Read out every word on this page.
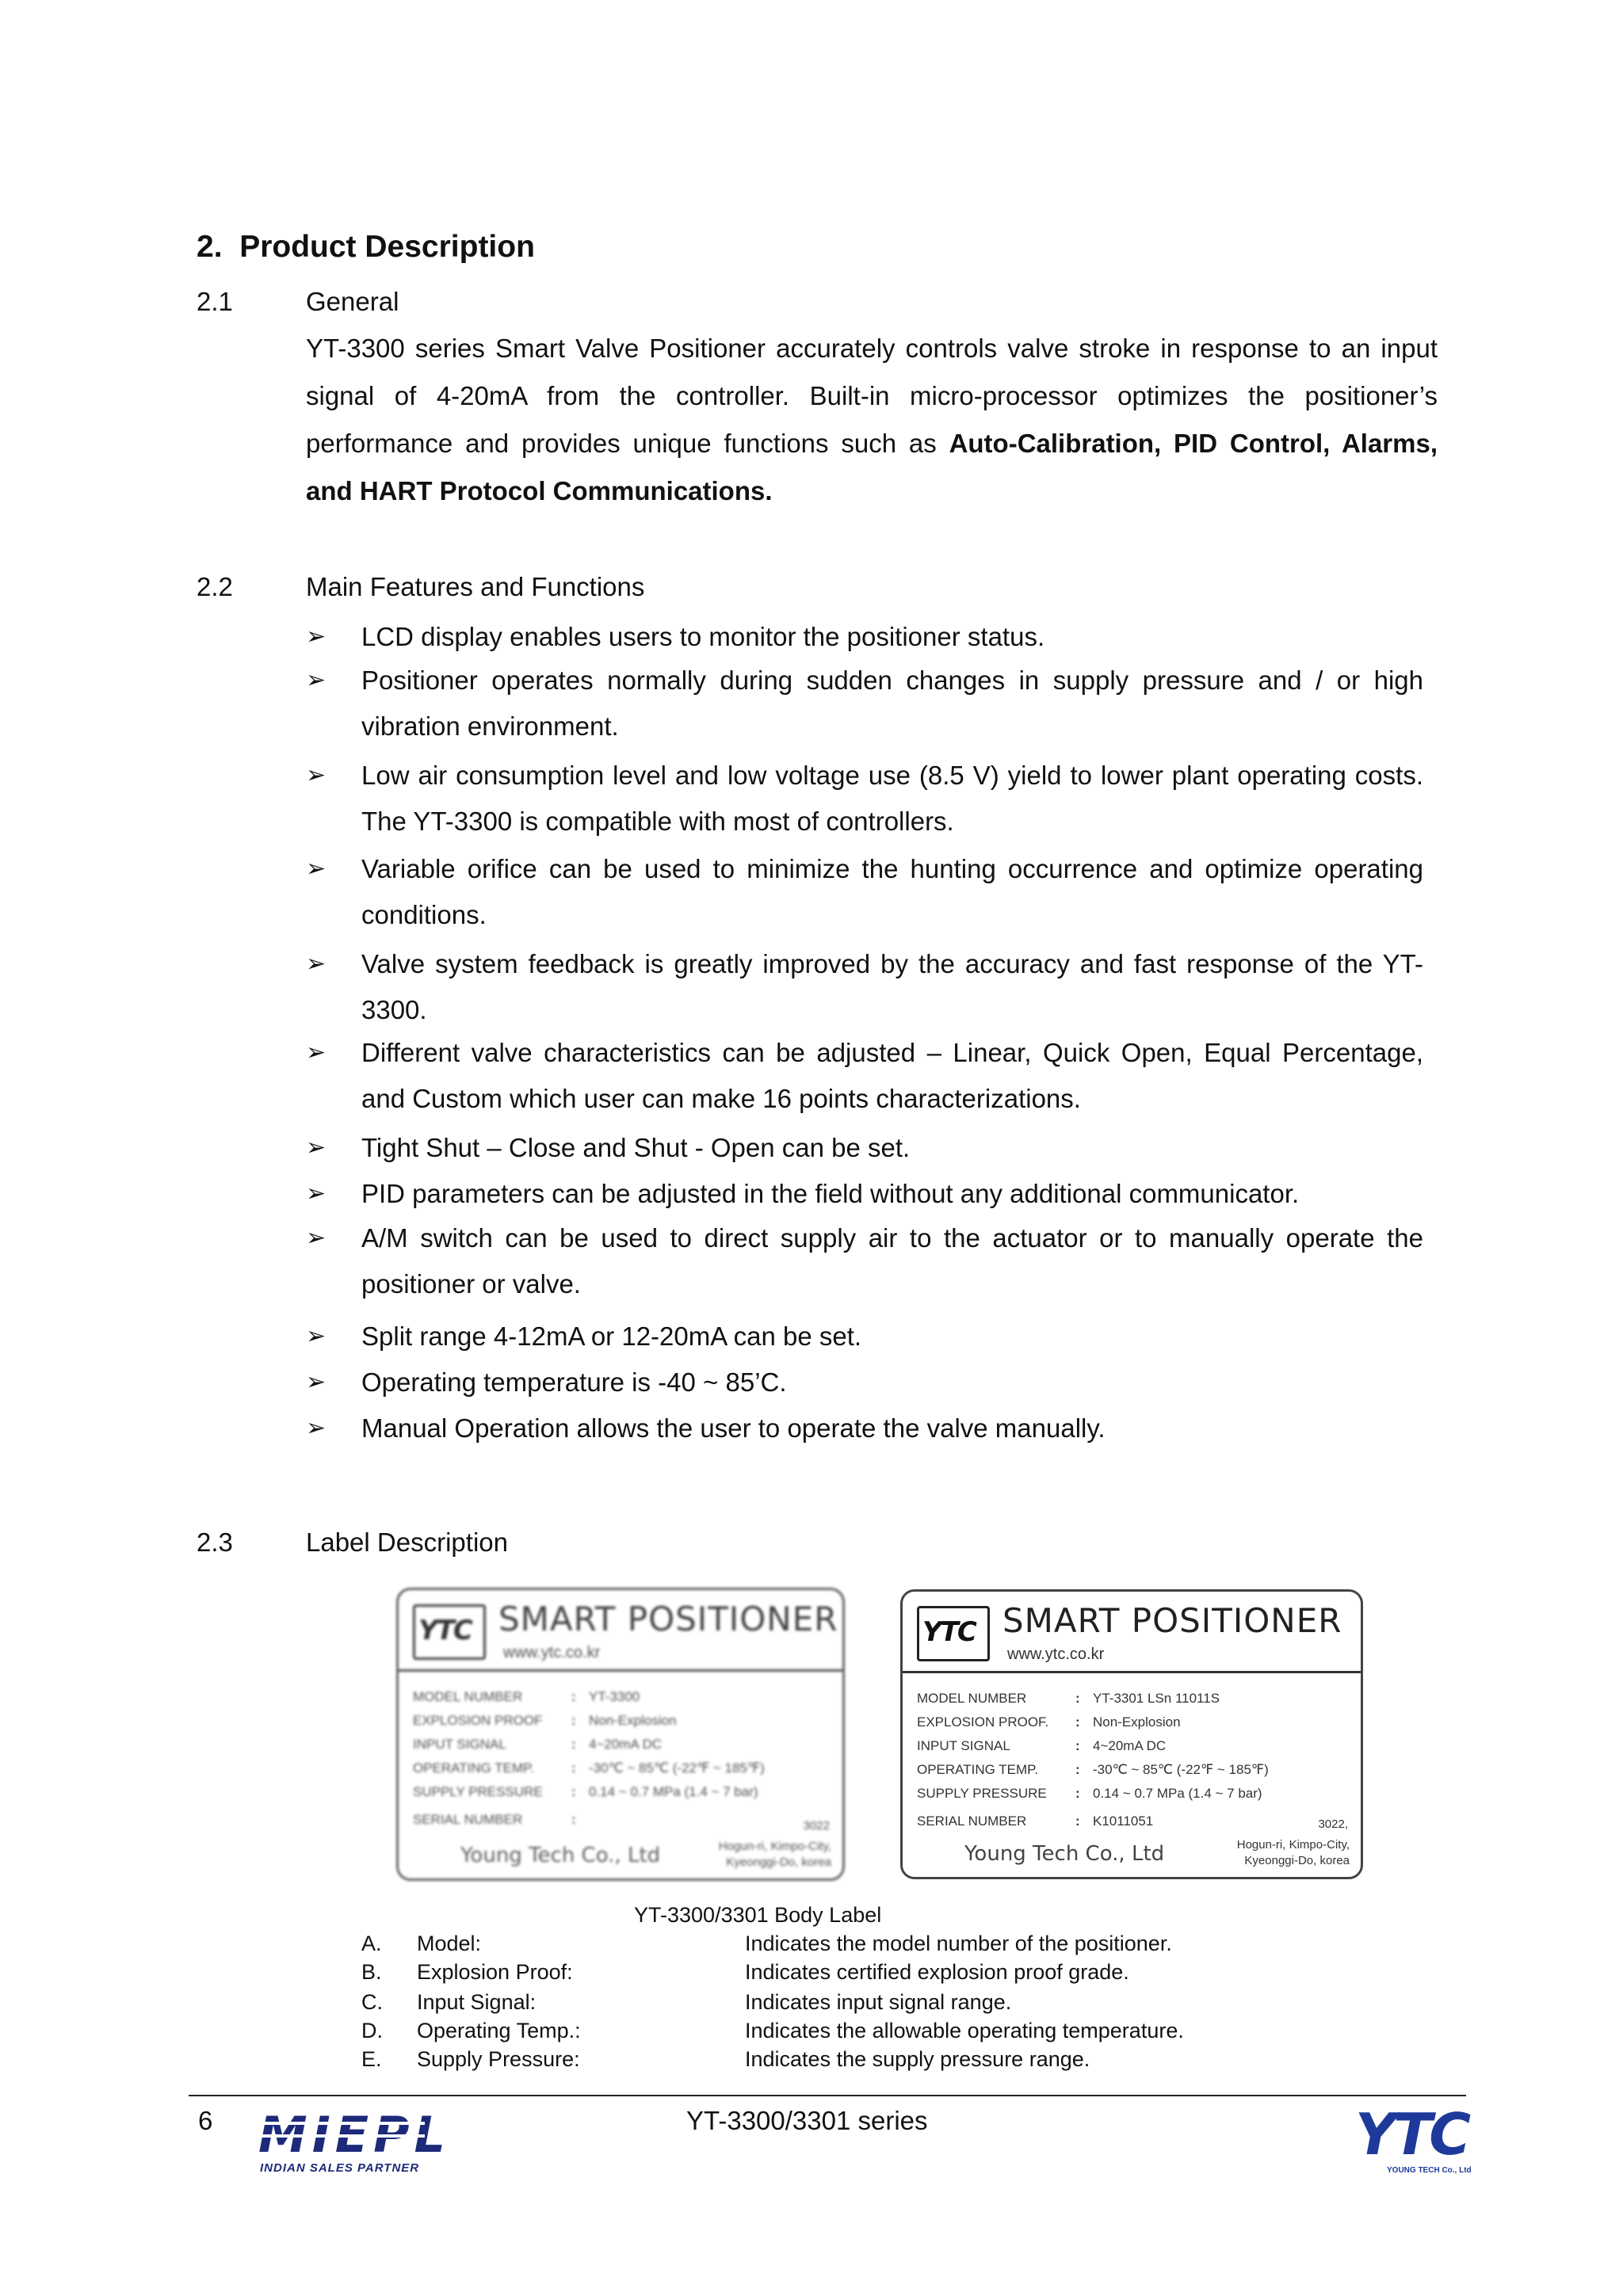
2. Product Description
2.1	General

YT-3300 series Smart Valve Positioner accurately controls valve stroke in response to an input signal of 4-20mA from the controller. Built-in micro-processor optimizes the positioner’s performance and provides unique functions such as Auto-Calibration, PID Control, Alarms, and HART Protocol Communications.

2.2	Main Features and Functions
➢	LCD display enables users to monitor the positioner status.
➢	Positioner operates normally during sudden changes in supply pressure and / or high vibration environment.
➢	Low air consumption level and low voltage use (8.5 V) yield to lower plant operating costs. The YT-3300 is compatible with most of controllers.
➢	Variable orifice can be used to minimize the hunting occurrence and optimize operating conditions.
➢	Valve system feedback is greatly improved by the accuracy and fast response of the YT-3300.
➢	Different valve characteristics can be adjusted – Linear, Quick Open, Equal Percentage, and Custom which user can make 16 points characterizations.
➢	Tight Shut – Close and Shut - Open can be set.
➢	PID parameters can be adjusted in the field without any additional communicator.
➢	A/M switch can be used to direct supply air to the actuator or to manually operate the positioner or valve.
➢	Split range 4-12mA or 12-20mA can be set.
➢	Operating temperature is -40 ~ 85’C.
➢	Manual Operation allows the user to operate the valve manually.
2.3	Label Description
YTC SMART POSITIONER
www.ytc.co.kr
MODEL NUMBER	: YT-3300
EXPLOSION PROOF	: Non-Explosion
INPUT SIGNAL	: 4~20mA DC
OPERATING TEMP.	: -30℃ ~ 85℃ (-22℉ ~ 185℉)
SUPPLY PRESSURE	: 0.14 ~ 0.7 MPa (1.4 ~ 7 bar)
SERIAL NUMBER	:	3022
Young Tech Co., Ltd	Hogun-ri, Kimpo-City,
Kyeonggi-Do, korea
YTC SMART POSITIONER
www.ytc.co.kr
MODEL NUMBER	: YT-3301 LSn 11011S
EXPLOSION PROOF.	: Non-Explosion
INPUT SIGNAL	: 4~20mA DC
OPERATING TEMP.	: -30℃ ~ 85℃ (-22℉ ~ 185℉)
SUPPLY PRESSURE	: 0.14 ~ 0.7 MPa (1.4 ~ 7 bar)
SERIAL NUMBER	: K1011051	3022,
Young Tech Co., Ltd	Hogun-ri, Kimpo-City,
Kyeonggi-Do, korea
YT-3300/3301 Body Label
A. Model:	Indicates the model number of the positioner.
B. Explosion Proof:	Indicates certified explosion proof grade.
C. Input Signal:	Indicates input signal range.
D. Operating Temp.:	Indicates the allowable operating temperature.
E. Supply Pressure:	Indicates the supply pressure range.
6 MIEPL
INDIAN SALES PARTNER
YT-3300/3301 series	YTC
YOUNG TECH Co., Ltd
